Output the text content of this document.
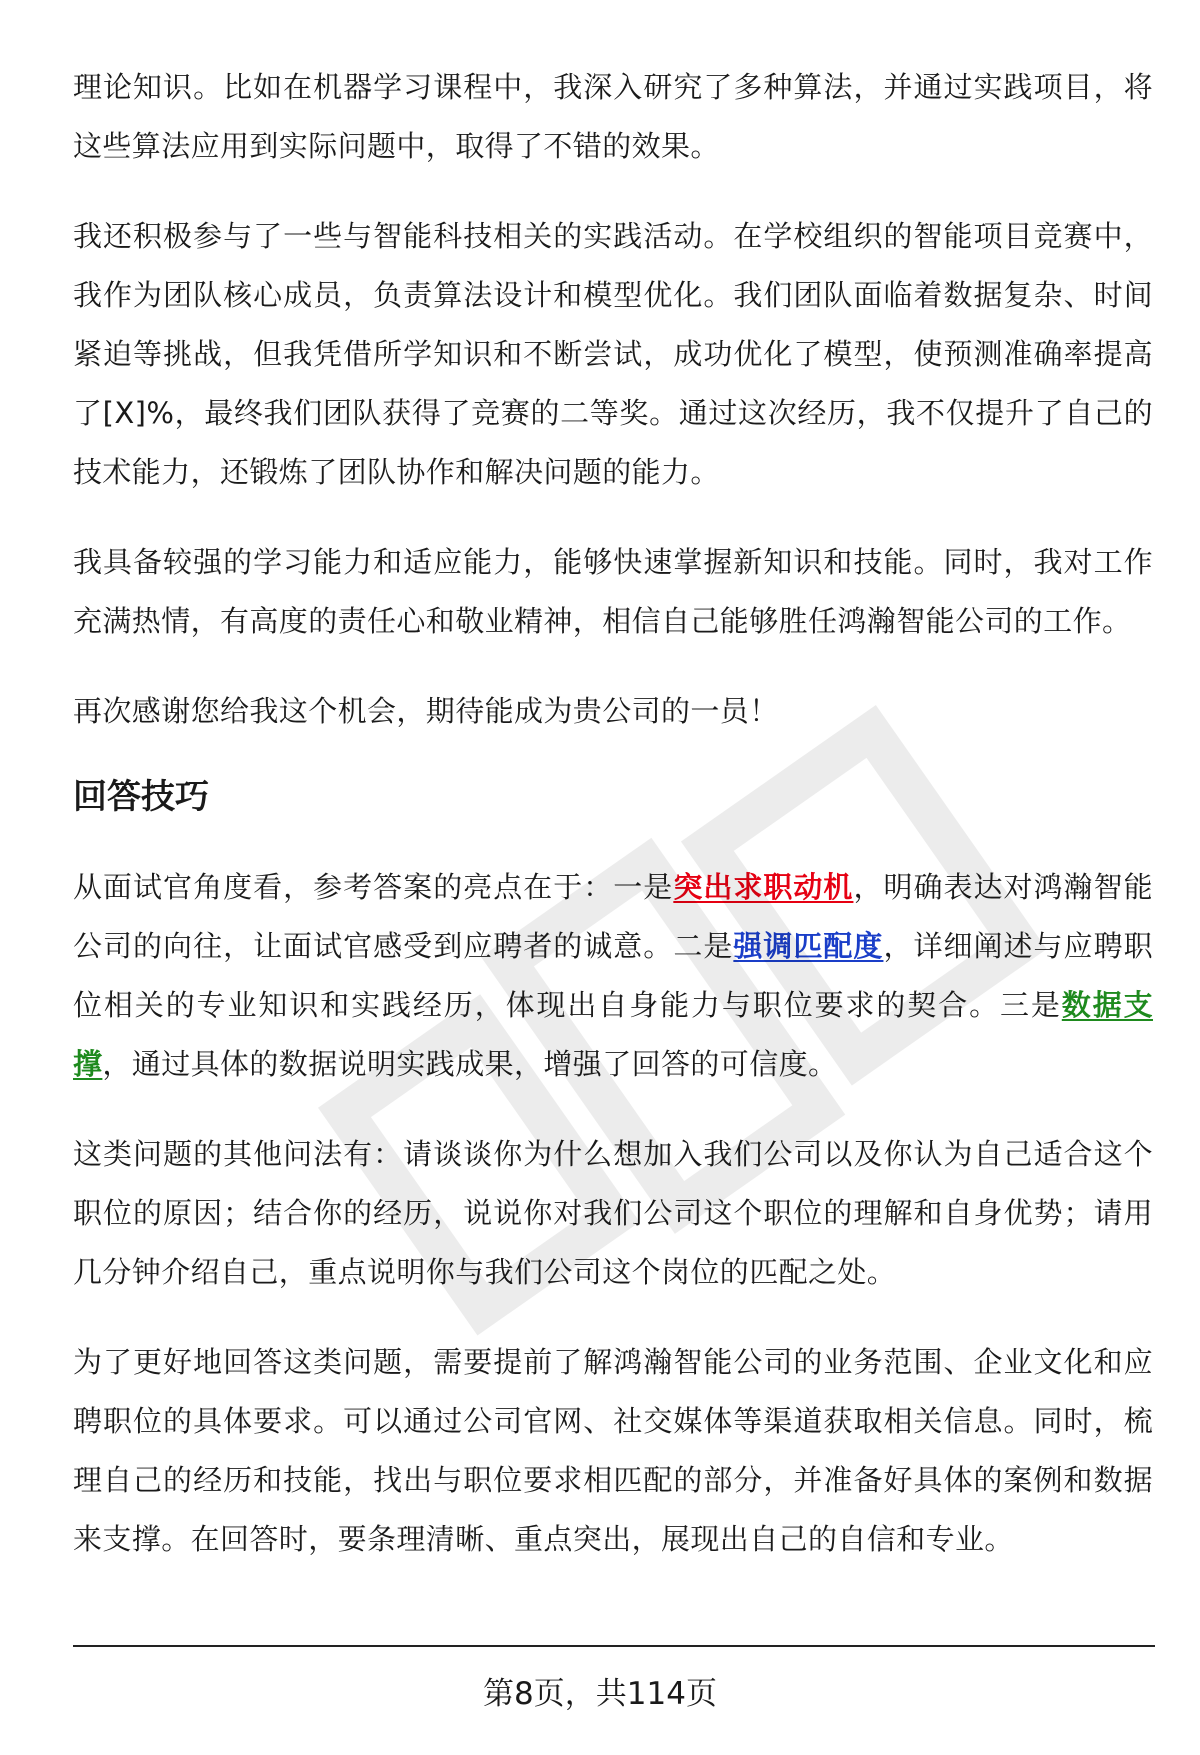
理论知识。比如在机器学习课程中，我深入研究了多种算法，并通过实践项目，将这些算法应用到实际问题中，取得了不错的效果。

我还积极参与了一些与智能科技相关的实践活动。在学校组织的智能项目竞赛中，我作为团队核心成员，负责算法设计和模型优化。我们团队面临着数据复杂、时间紧迫等挑战，但我凭借所学知识和不断尝试，成功优化了模型，使预测准确率提高了[X]%，最终我们团队获得了竞赛的二等奖。通过这次经历，我不仅提升了自己的技术能力，还锻炼了团队协作和解决问题的能力。

我具备较强的学习能力和适应能力，能够快速掌握新知识和技能。同时，我对工作充满热情，有高度的责任心和敬业精神，相信自己能够胜任鸿瀚智能公司的工作。

再次感谢您给我这个机会，期待能成为贵公司的一员！

回答技巧

从面试官角度看，参考答案的亮点在于：一是突出求职动机，明确表达对鸿瀚智能公司的向往，让面试官感受到应聘者的诚意。二是强调匹配度，详细阐述与应聘职位相关的专业知识和实践经历，体现出自身能力与职位要求的契合。三是数据支撑，通过具体的数据说明实践成果，增强了回答的可信度。

这类问题的其他问法有：请谈谈你为什么想加入我们公司以及你认为自己适合这个职位的原因；结合你的经历，说说你对我们公司这个职位的理解和自身优势；请用几分钟介绍自己，重点说明你与我们公司这个岗位的匹配之处。

为了更好地回答这类问题，需要提前了解鸿瀚智能公司的业务范围、企业文化和应聘职位的具体要求。可以通过公司官网、社交媒体等渠道获取相关信息。同时，梳理自己的经历和技能，找出与职位要求相匹配的部分，并准备好具体的案例和数据来支撑。在回答时，要条理清晰、重点突出，展现出自己的自信和专业。

第8页，共114页
